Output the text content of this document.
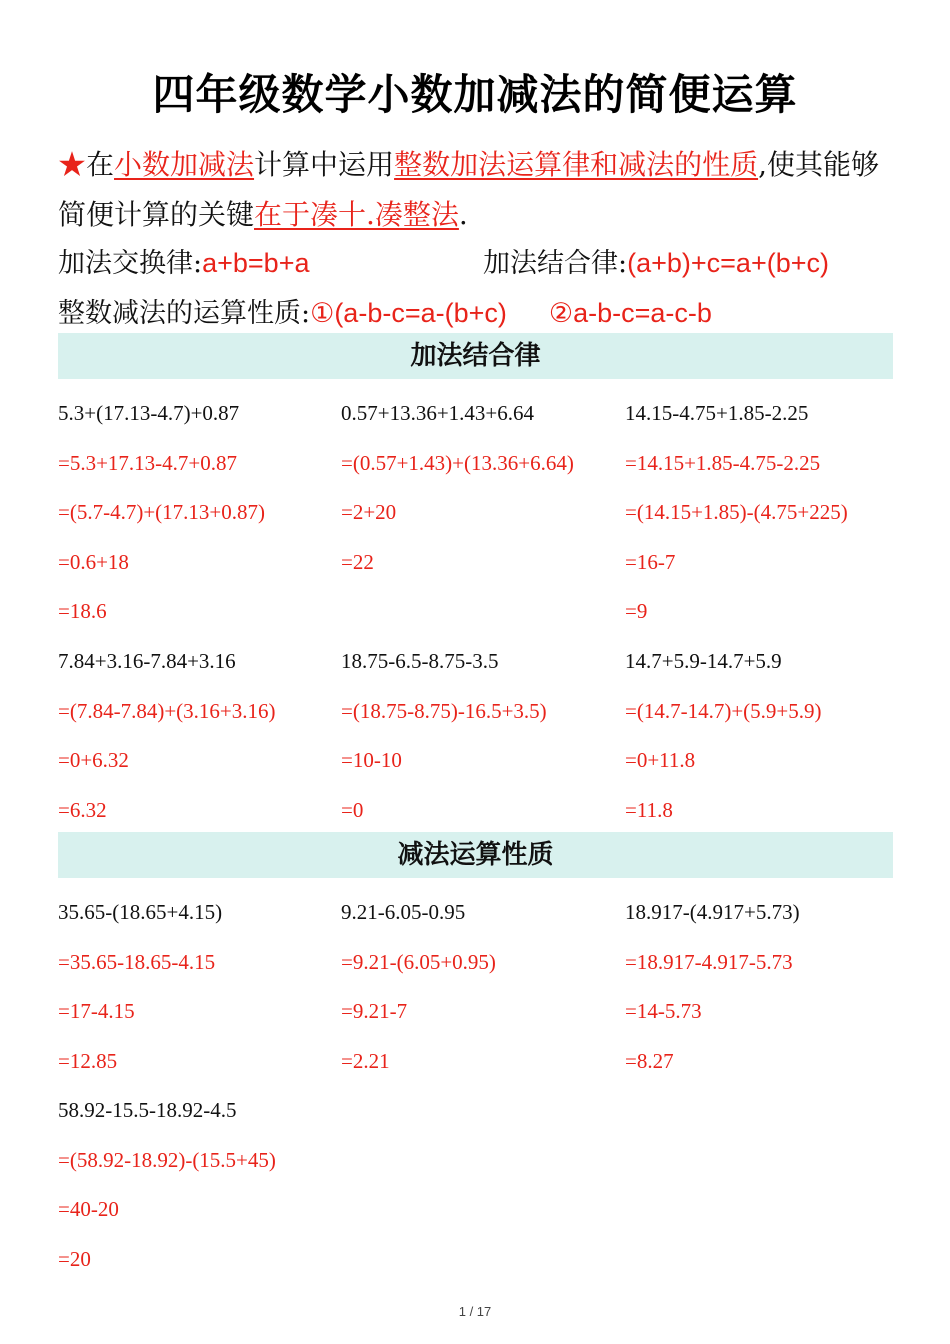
四年级数学小数加减法的简便运算
★在小数加减法计算中运用整数加法运算律和减法的性质,使其能够简便计算的关键在于凑十.凑整法.
加法交换律:a+b=b+a	加法结合律:(a+b)+c=a+(b+c)
整数减法的运算性质:①(a-b-c=a-(b+c) ②a-b-c=a-c-b
加法结合律
5.3+(17.13-4.7)+0.87
=5.3+17.13-4.7+0.87
=(5.7-4.7)+(17.13+0.87)
=0.6+18
=18.6
0.57+13.36+1.43+6.64
=(0.57+1.43)+(13.36+6.64)
=2+20
=22
14.15-4.75+1.85-2.25
=14.15+1.85-4.75-2.25
=(14.15+1.85)-(4.75+225)
=16-7
=9
7.84+3.16-7.84+3.16
=(7.84-7.84)+(3.16+3.16)
=0+6.32
=6.32
18.75-6.5-8.75-3.5
=(18.75-8.75)-16.5+3.5)
=10-10
=0
14.7+5.9-14.7+5.9
=(14.7-14.7)+(5.9+5.9)
=0+11.8
=11.8
减法运算性质
35.65-(18.65+4.15)
=35.65-18.65-4.15
=17-4.15
=12.85
9.21-6.05-0.95
=9.21-(6.05+0.95)
=9.21-7
=2.21
18.917-(4.917+5.73)
=18.917-4.917-5.73
=14-5.73
=8.27
58.92-15.5-18.92-4.5
=(58.92-18.92)-(15.5+45)
=40-20
=20
1 / 17
